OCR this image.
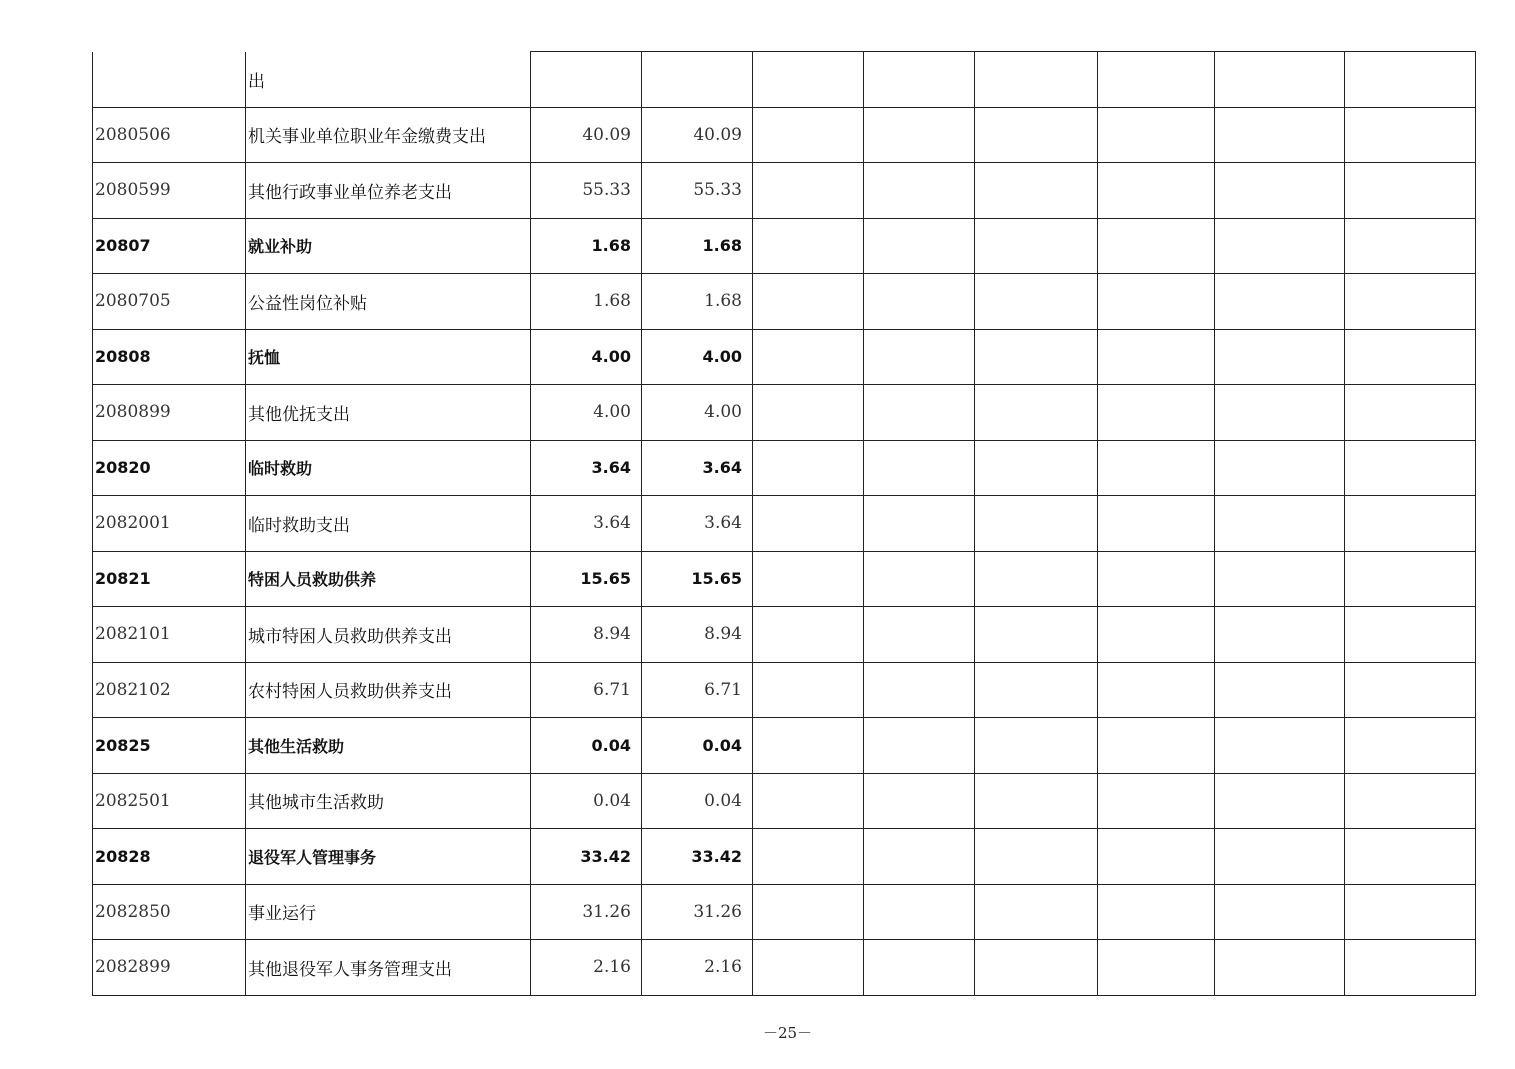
	出								
2080506	机关事业单位职业年金缴费支出	40.09	40.09						
2080599	其他行政事业单位养老支出	55.33	55.33						
20807	就业补助	1.68	1.68						
2080705	公益性岗位补贴	1.68	1.68						
20808	抚恤	4.00	4.00						
2080899	其他优抚支出	4.00	4.00						
20820	临时救助	3.64	3.64						
2082001	临时救助支出	3.64	3.64						
20821	特困人员救助供养	15.65	15.65						
2082101	城市特困人员救助供养支出	8.94	8.94						
2082102	农村特困人员救助供养支出	6.71	6.71						
20825	其他生活救助	0.04	0.04						
2082501	其他城市生活救助	0.04	0.04						
20828	退役军人管理事务	33.42	33.42						
2082850	事业运行	31.26	31.26						
2082899	其他退役军人事务管理支出	2.16	2.16						
－25－
